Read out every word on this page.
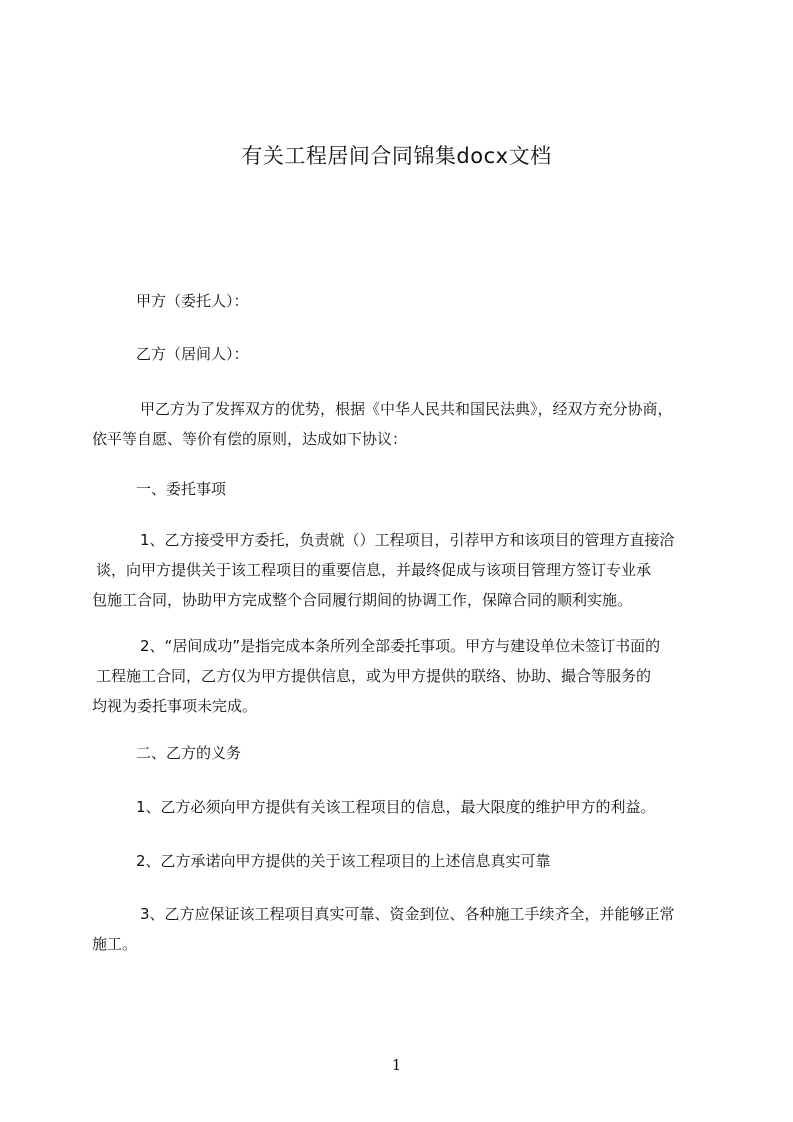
有关工程居间合同锦集docx文档

甲方（委托人）：

乙方（居间人）：

甲乙方为了发挥双方的优势，根据《中华人民共和国民法典》，经双方充分协商，
依平等自愿、等价有偿的原则，达成如下协议：

一、委托事项

1、乙方接受甲方委托，负责就（）工程项目，引荐甲方和该项目的管理方直接洽
谈，向甲方提供关于该工程项目的重要信息，并最终促成与该项目管理方签订专业承
包施工合同，协助甲方完成整个合同履行期间的协调工作，保障合同的顺利实施。

2、“居间成功”是指完成本条所列全部委托事项。甲方与建设单位未签订书面的
工程施工合同，乙方仅为甲方提供信息，或为甲方提供的联络、协助、撮合等服务的
均视为委托事项未完成。

二、乙方的义务

1、乙方必须向甲方提供有关该工程项目的信息，最大限度的维护甲方的利益。

2、乙方承诺向甲方提供的关于该工程项目的上述信息真实可靠

3、乙方应保证该工程项目真实可靠、资金到位、各种施工手续齐全，并能够正常
施工。

1
